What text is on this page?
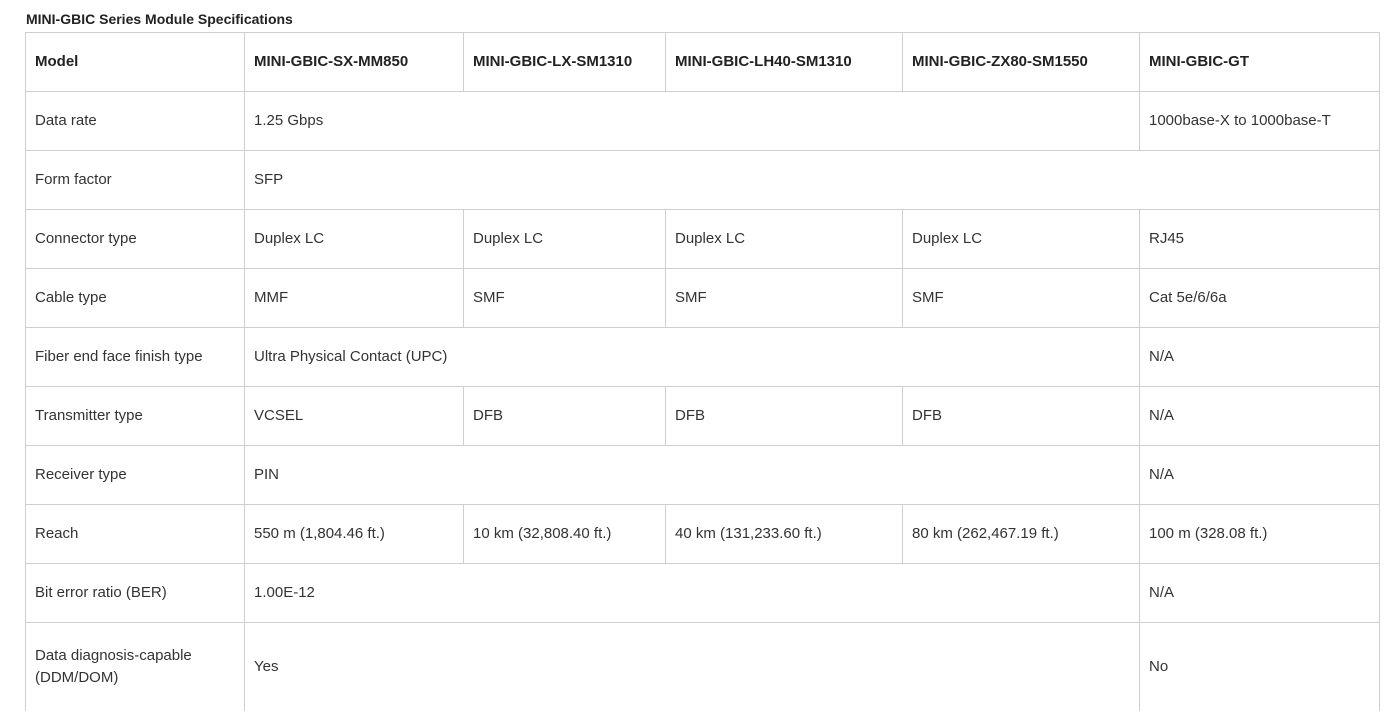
MINI-GBIC Series Module Specifications
Model	MINI-GBIC-SX-MM850	MINI-GBIC-LX-SM1310	MINI-GBIC-LH40-SM1310	MINI-GBIC-ZX80-SM1550	MINI-GBIC-GT
Data rate	1.25 Gbps				1000base-X to 1000base-T
Form factor	SFP				
Connector type	Duplex LC	Duplex LC	Duplex LC	Duplex LC	RJ45
Cable type	MMF	SMF	SMF	SMF	Cat 5e/6/6a
Fiber end face finish type	Ultra Physical Contact (UPC)				N/A
Transmitter type	VCSEL	DFB	DFB	DFB	N/A
Receiver type	PIN				N/A
Reach	550 m (1,804.46 ft.)	10 km (32,808.40 ft.)	40 km (131,233.60 ft.)	80 km (262,467.19 ft.)	100 m (328.08 ft.)
Bit error ratio (BER)	1.00E-12				N/A
Data diagnosis-capable (DDM/DOM)	Yes				No
